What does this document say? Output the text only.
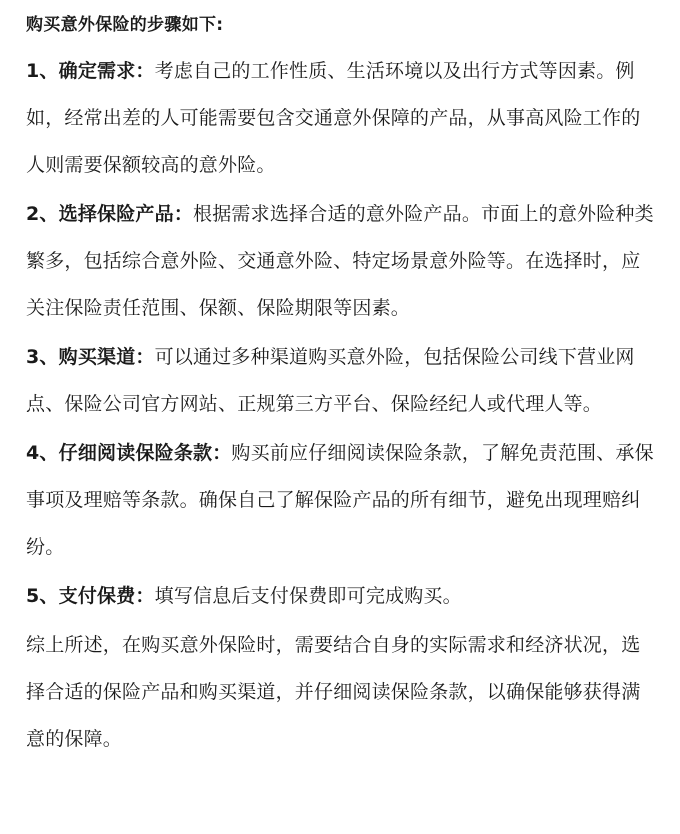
购买意外保险的步骤如下:

1、确定需求：考虑自己的工作性质、生活环境以及出行方式等因素。例如，经常出差的人可能需要包含交通意外保障的产品，从事高风险工作的人则需要保额较高的意外险。

2、选择保险产品：根据需求选择合适的意外险产品。市面上的意外险种类繁多，包括综合意外险、交通意外险、特定场景意外险等。在选择时，应关注保险责任范围、保额、保险期限等因素。

3、购买渠道：可以通过多种渠道购买意外险，包括保险公司线下营业网点、保险公司官方网站、正规第三方平台、保险经纪人或代理人等。

4、仔细阅读保险条款：购买前应仔细阅读保险条款，了解免责范围、承保事项及理赔等条款。确保自己了解保险产品的所有细节，避免出现理赔纠纷。

5、支付保费：填写信息后支付保费即可完成购买。

综上所述，在购买意外保险时，需要结合自身的实际需求和经济状况，选择合适的保险产品和购买渠道，并仔细阅读保险条款，以确保能够获得满意的保障。
